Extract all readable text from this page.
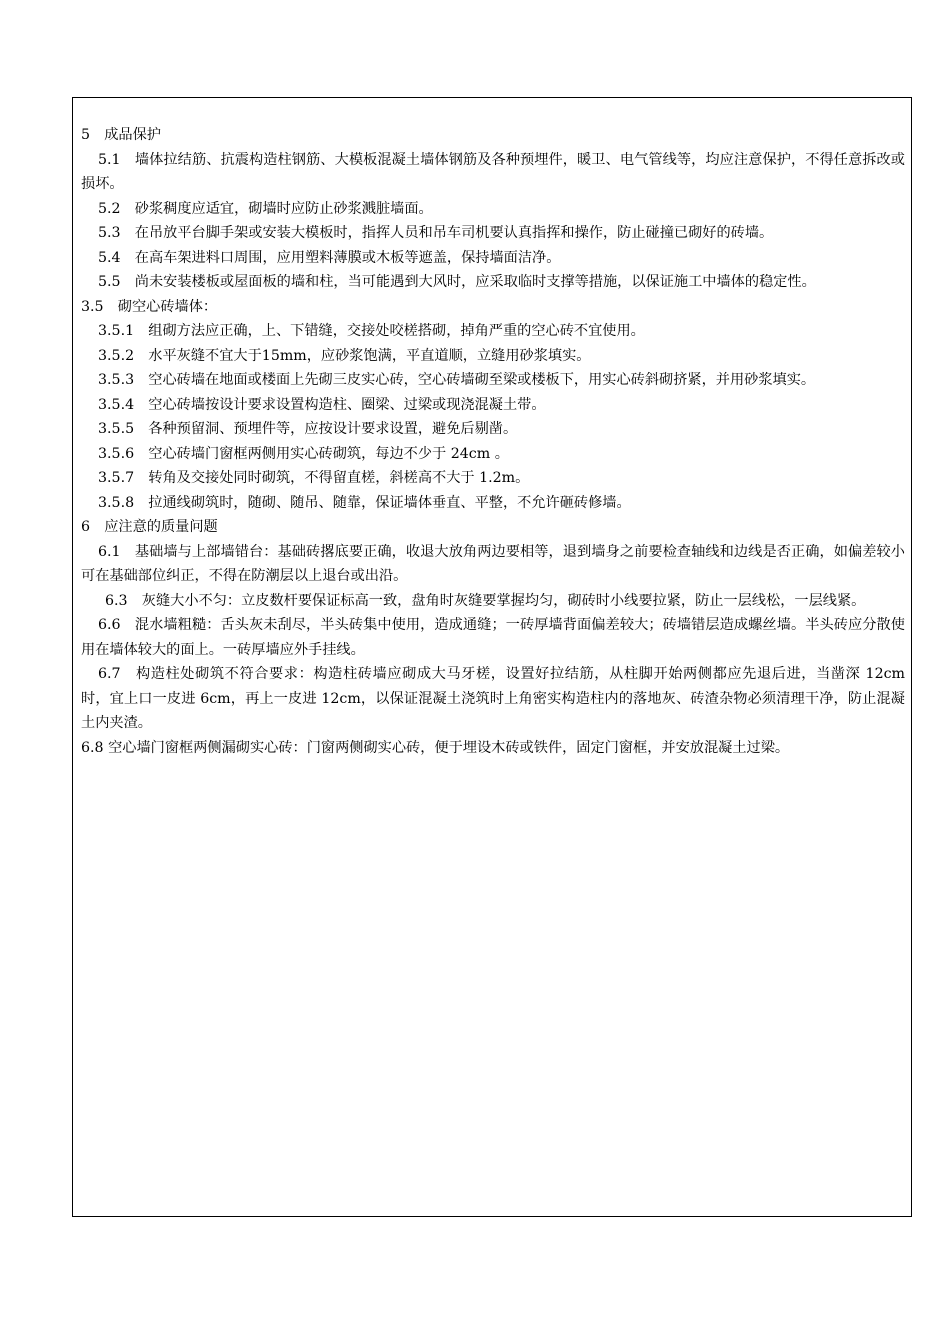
5　成品保护

5.1　墙体拉结筋、抗震构造柱钢筋、大模板混凝土墙体钢筋及各种预埋件，暖卫、电气管线等，均应注意保护，不得任意拆改或损坏。

5.2　砂浆稠度应适宜，砌墙时应防止砂浆溅脏墙面。

5.3　在吊放平台脚手架或安装大模板时，指挥人员和吊车司机要认真指挥和操作，防止碰撞已砌好的砖墙。

5.4　在高车架进料口周围，应用塑料薄膜或木板等遮盖，保持墙面洁净。

5.5　尚未安装楼板或屋面板的墙和柱，当可能遇到大风时，应采取临时支撑等措施，以保证施工中墙体的稳定性。

3.5　砌空心砖墙体：

3.5.1　组砌方法应正确，上、下错缝，交接处咬槎搭砌，掉角严重的空心砖不宜使用。

3.5.2　水平灰缝不宜大于15mm，应砂浆饱满，平直道顺，立缝用砂浆填实。

3.5.3　空心砖墙在地面或楼面上先砌三皮实心砖，空心砖墙砌至梁或楼板下，用实心砖斜砌挤紧，并用砂浆填实。

3.5.4　空心砖墙按设计要求设置构造柱、圈梁、过梁或现浇混凝土带。

3.5.5　各种预留洞、预埋件等，应按设计要求设置，避免后剔凿。

3.5.6　空心砖墙门窗框两侧用实心砖砌筑，每边不少于 24cm 。

3.5.7　转角及交接处同时砌筑，不得留直槎，斜槎高不大于 1.2m。

3.5.8　拉通线砌筑时，随砌、随吊、随靠，保证墙体垂直、平整，不允许砸砖修墙。

6　应注意的质量问题

6.1　基础墙与上部墙错台：基础砖撂底要正确，收退大放角两边要相等，退到墙身之前要检查轴线和边线是否正确，如偏差较小可在基础部位纠正，不得在防潮层以上退台或出沿。

6.3　灰缝大小不匀：立皮数杆要保证标高一致，盘角时灰缝要掌握均匀，砌砖时小线要拉紧，防止一层线松，一层线紧。

6.6　混水墙粗糙：舌头灰未刮尽，半头砖集中使用，造成通缝；一砖厚墙背面偏差较大；砖墙错层造成螺丝墙。半头砖应分散使用在墙体较大的面上。一砖厚墙应外手挂线。

6.7　构造柱处砌筑不符合要求：构造柱砖墙应砌成大马牙槎，设置好拉结筋，从柱脚开始两侧都应先退后进，当凿深 12cm 时，宜上口一皮进 6cm，再上一皮进 12cm，以保证混凝土浇筑时上角密实构造柱内的落地灰、砖渣杂物必须清理干净，防止混凝土内夹渣。

6.8 空心墙门窗框两侧漏砌实心砖：门窗两侧砌实心砖，便于埋设木砖或铁件，固定门窗框，并安放混凝土过梁。
